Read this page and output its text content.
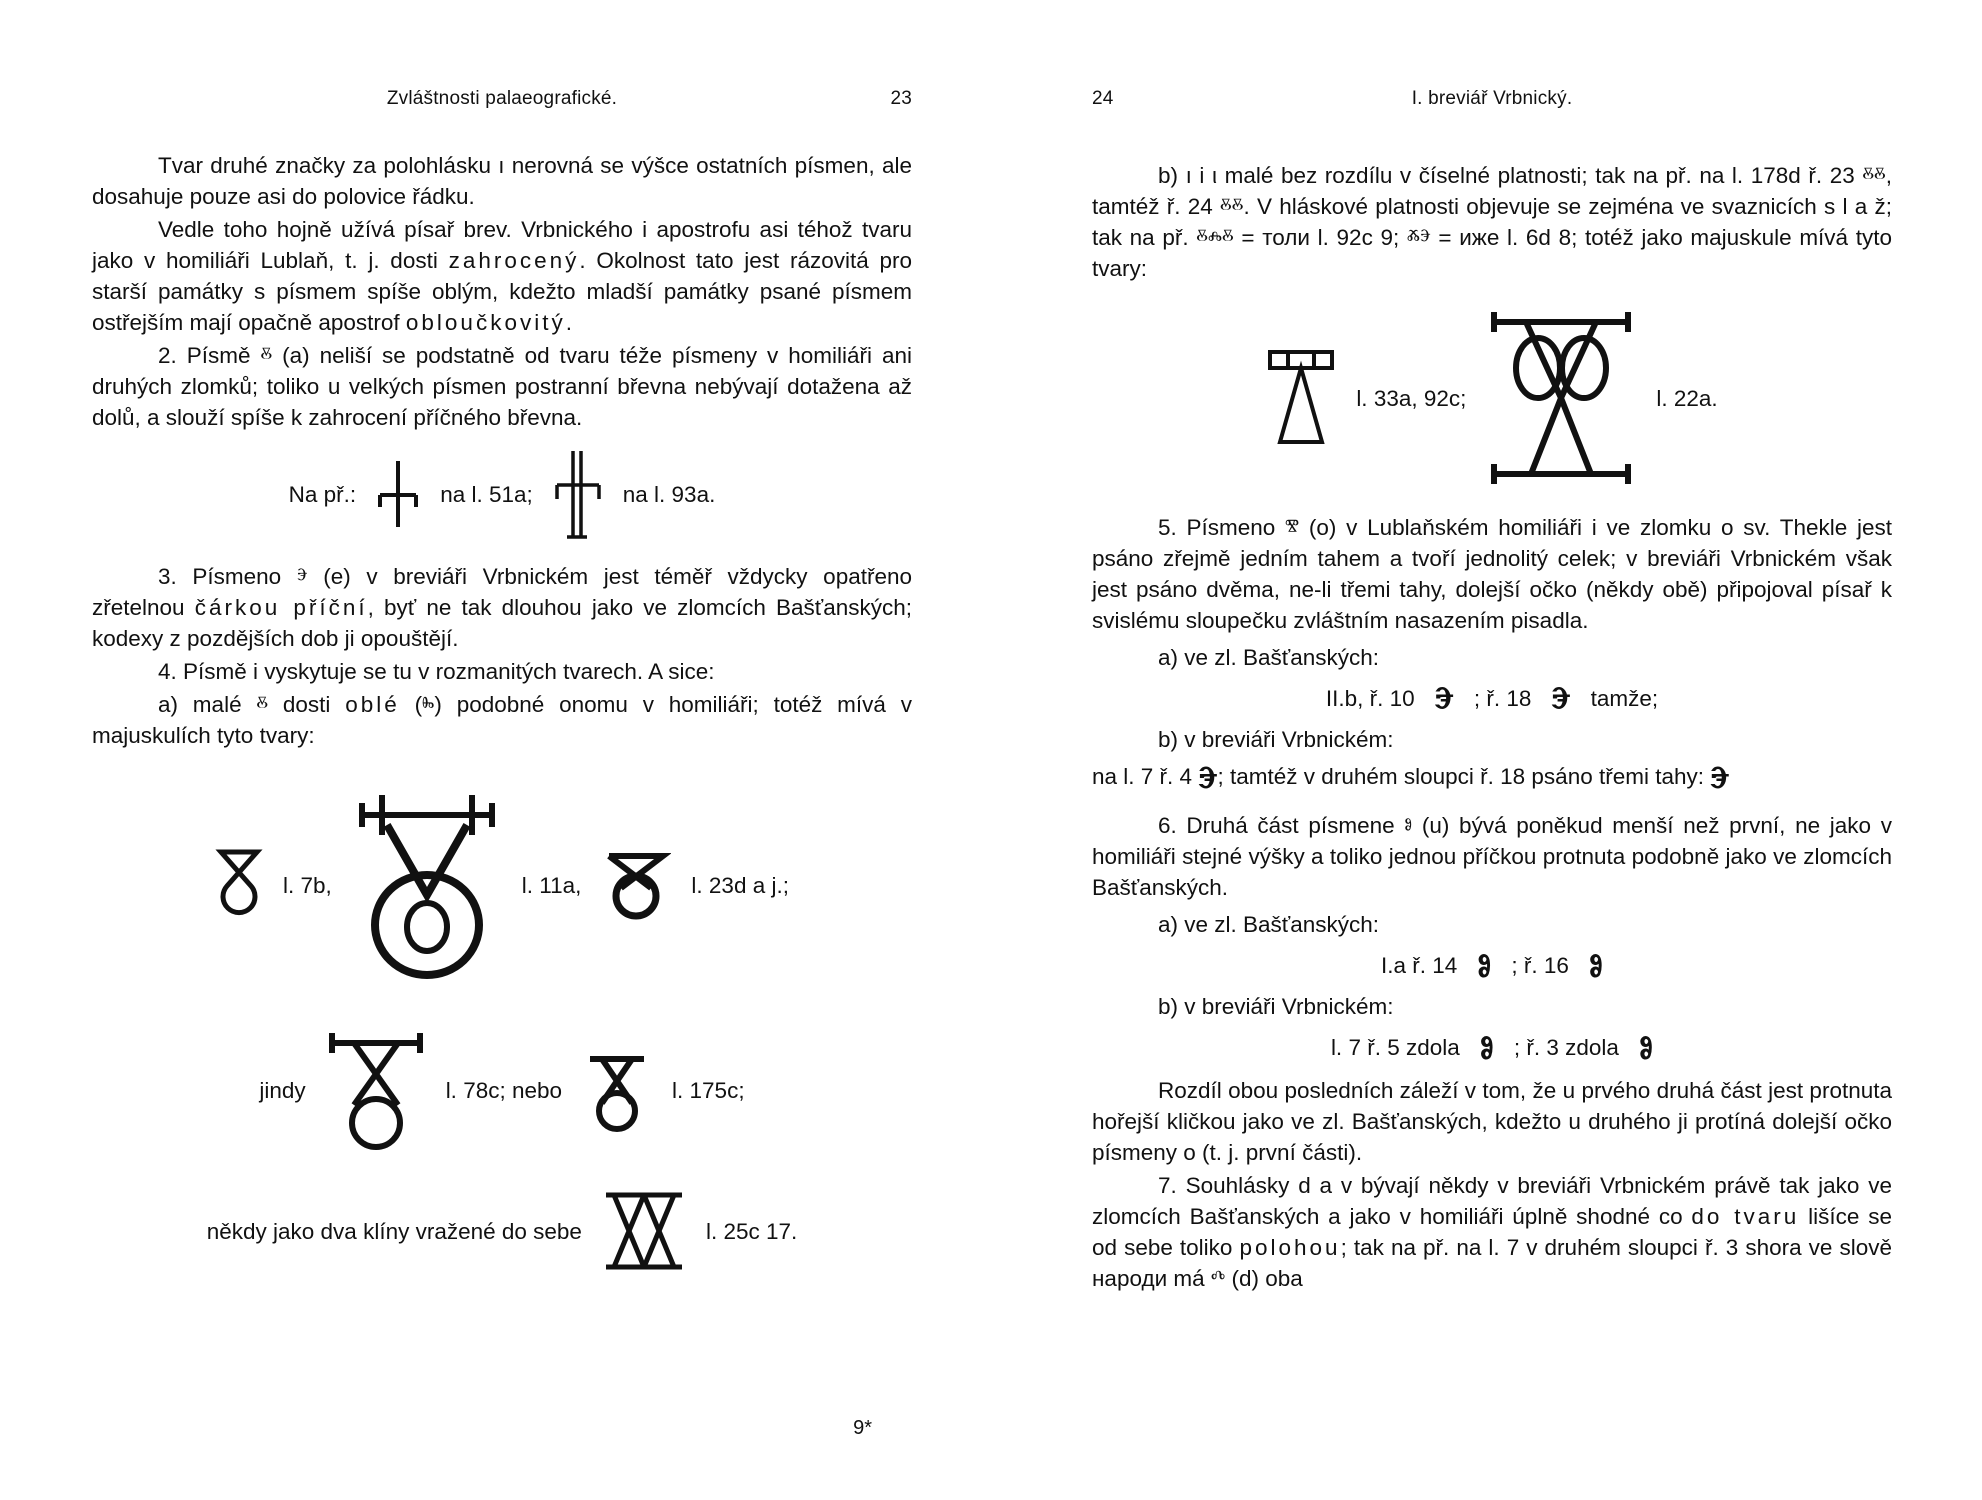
Zvláštnosti palaeografické.	23

Tvar druhé značky za polohlásku ı nerovná se výšce ostatních písmen, ale dosahuje pouze asi do polovice řádku.

Vedle toho hojně užívá písař brev. Vrbnického i apostrofu asi téhož tvaru jako v homiliáři Lublaň, t. j. dosti zahrocený. Okolnost tato jest rázovitá pro starší památky s písmem spíše oblým, kdežto mladší památky psané písmem ostřejším mají opačně apostrof obloučkovitý.

2. Písmě ⰻ (a) neliší se podstatně od tvaru téže písmeny v homiliáři ani druhých zlomků; toliko u velkých písmen postranní břevna nebývají dotažena až dolů, a slouží spíše k zahrocení příčného břevna.

Na př.:	na l. 51a;	na l. 93a.

3. Písmeno ⰵ (e) v breviáři Vrbnickém jest téměř vždycky opatřeno zřetelnou čárkou příční, byť ne tak dlouhou jako ve zlomcích Bašťanských; kodexy z pozdějších dob ji opouštějí.

4. Písmě i vyskytuje se tu v rozmanitých tvarech. A sice:

a) malé ⰻ dosti oblé (ⰸ) podobné onomu v homiliáři; totéž mívá v majuskulích tyto tvary:

l. 7b,	l. 11a,	l. 23d a j.;
jindy	l. 78c; nebo	l. 175c;
někdy jako dva klíny vražené do sebe	l. 25c 17.
9*
24	I. breviář Vrbnický.

b) ı i ι malé bez rozdílu v číselné platnosti; tak na př. na l. 178d ř. 23 ⰻⰻ, tamtéž ř. 24 ⰻⰻ. V hláskové platnosti objevuje se zejména ve svaznicích s l a ž; tak na př. ⰻⰾⰻ = толи l. 92c 9; ⰶⰵ = иже l. 6d 8; totéž jako majuskule mívá tyto tvary:

l. 33a, 92c;	l. 22a.

5. Písmeno ⰺ (o) v Lublaňském homiliáři i ve zlomku o sv. Thekle jest psáno zřejmě jedním tahem a tvoří jednolitý celek; v breviáři Vrbnickém však jest psáno dvěma, ne-li třemi tahy, dolejší očko (někdy obě) připojoval písař k svislému sloupečku zvláštním nasazením pisadla.

a) ve zl. Bašťanských:

II.b, ř. 10 Ⰵ ; ř. 18 Ⰵ tamže;

b) v breviáři Vrbnickém:

na l. 7 ř. 4 Ⰵ; tamtéž v druhém sloupci ř. 18 psáno třemi tahy: Ⰵ

6. Druhá část písmene ⱁ (u) bývá poněkud menší než první, ne jako v homiliáři stejné výšky a toliko jednou příčkou protnuta podobně jako ve zlomcích Bašťanských.

a) ve zl. Bašťanských:

I.a ř. 14 Ⱁ ; ř. 16 Ⱁ

b) v breviáři Vrbnickém:

l. 7 ř. 5 zdola Ⱁ ; ř. 3 zdola Ⱁ

Rozdíl obou posledních záleží v tom, že u prvého druhá část jest protnuta hořejší kličkou jako ve zl. Bašťanských, kdežto u druhého ji protíná dolejší očko písmeny o (t. j. první části).

7. Souhlásky d a v bývají někdy v breviáři Vrbnickém právě tak jako ve zlomcích Bašťanských a jako v homiliáři úplně shodné co do tvaru lišíce se od sebe toliko polohou; tak na př. na l. 7 v druhém sloupci ř. 3 shora ve slově народи má ⰴ (d) oba
